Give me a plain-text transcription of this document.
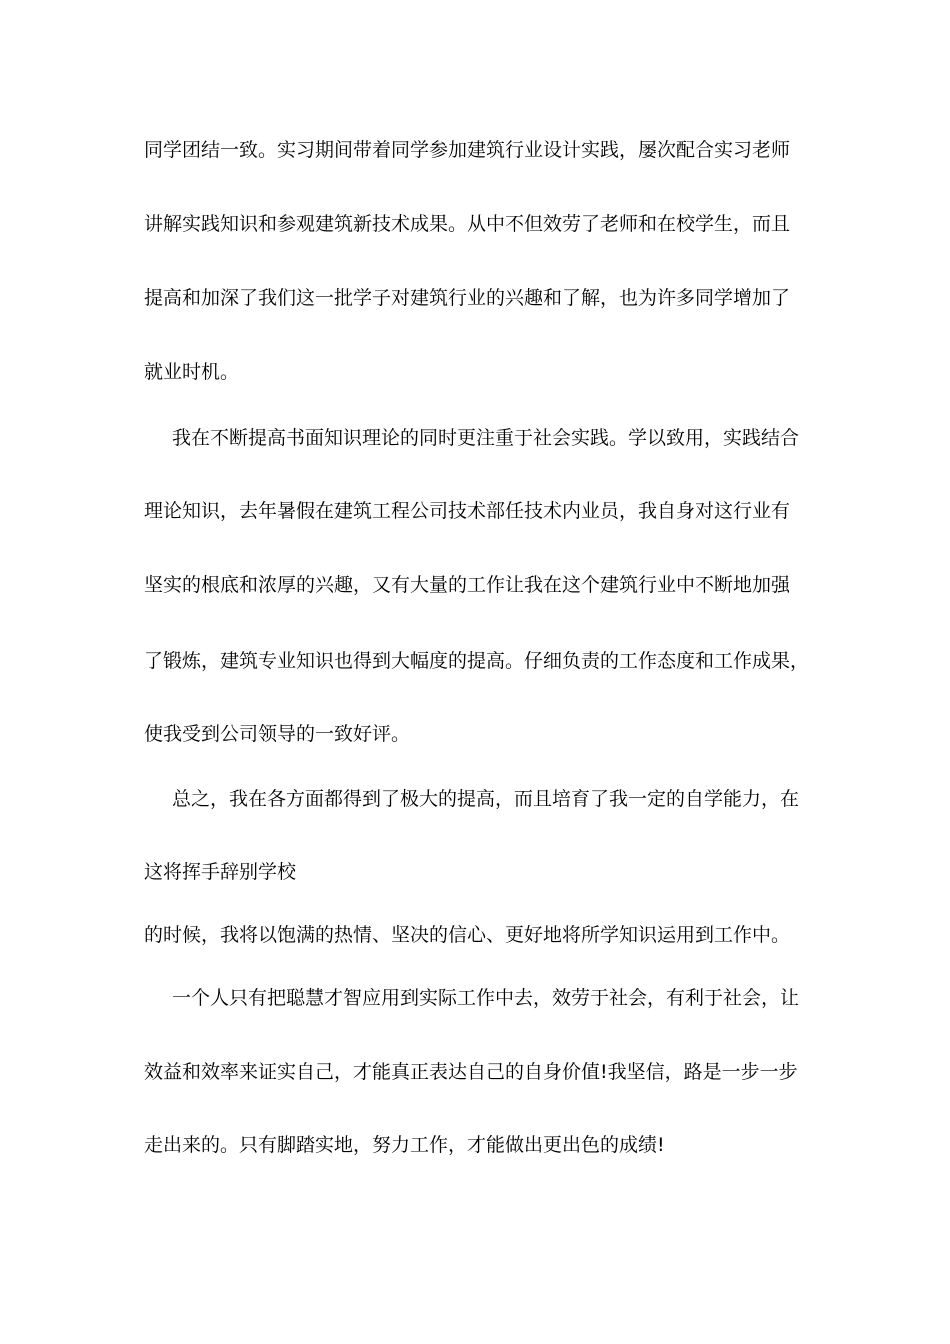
同学团结一致。实习期间带着同学参加建筑行业设计实践，屡次配合实习老师
讲解实践知识和参观建筑新技术成果。从中不但效劳了老师和在校学生，而且
提高和加深了我们这一批学子对建筑行业的兴趣和了解，也为许多同学增加了
就业时机。
我在不断提高书面知识理论的同时更注重于社会实践。学以致用，实践结合
理论知识，去年暑假在建筑工程公司技术部任技术内业员，我自身对这行业有
坚实的根底和浓厚的兴趣，又有大量的工作让我在这个建筑行业中不断地加强
了锻炼，建筑专业知识也得到大幅度的提高。仔细负责的工作态度和工作成果，
使我受到公司领导的一致好评。
总之，我在各方面都得到了极大的提高，而且培育了我一定的自学能力，在
这将挥手辞别学校
的时候，我将以饱满的热情、坚决的信心、更好地将所学知识运用到工作中。
一个人只有把聪慧才智应用到实际工作中去，效劳于社会，有利于社会，让
效益和效率来证实自己，才能真正表达自己的自身价值!我坚信，路是一步一步
走出来的。只有脚踏实地，努力工作，才能做出更出色的成绩!
